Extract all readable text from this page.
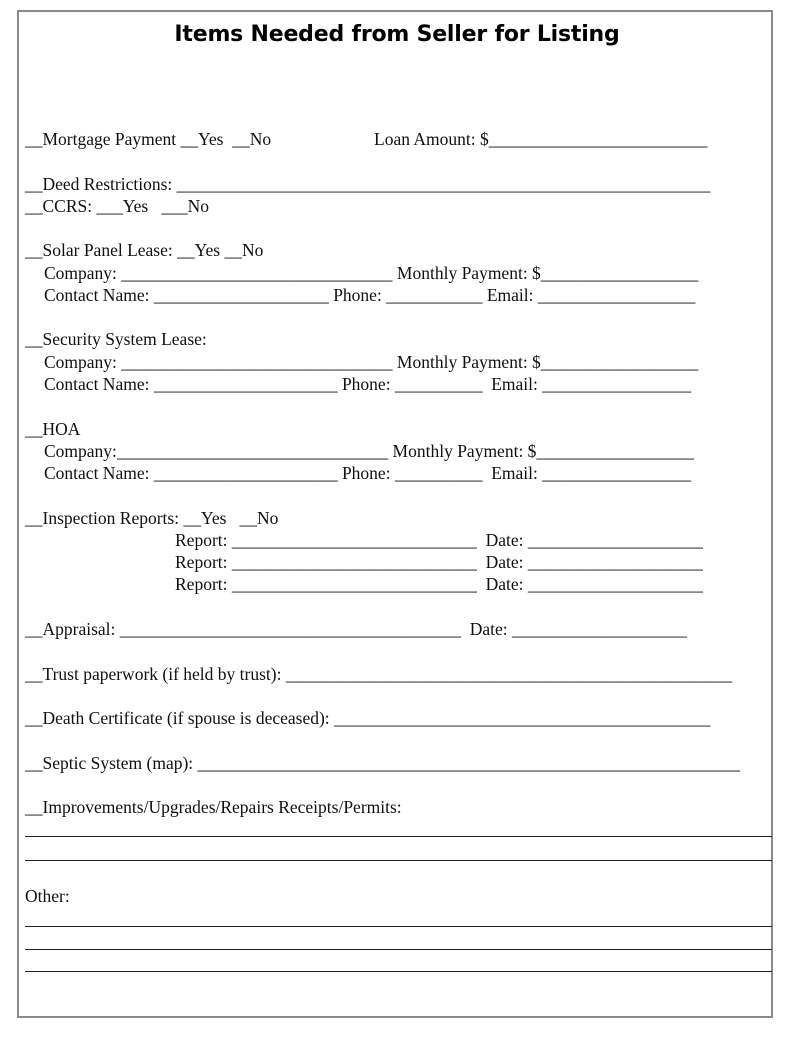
Items Needed from Seller for Listing
__Mortgage Payment __Yes  __No	Loan Amount: $_________________________
__Deed Restrictions: _____________________________________________________________
__CCRS: ___Yes   ___No
__Solar Panel Lease: __Yes __No
Company: _______________________________ Monthly Payment: $__________________
Contact Name: ____________________ Phone: ___________ Email: __________________
__Security System Lease:
Company: _______________________________ Monthly Payment: $__________________
Contact Name: _____________________ Phone: __________  Email: _________________
__HOA
Company:_______________________________ Monthly Payment: $__________________
Contact Name: _____________________ Phone: __________  Email: _________________
__Inspection Reports: __Yes   __No
Report: ____________________________  Date: ____________________
Report: ____________________________  Date: ____________________
Report: ____________________________  Date: ____________________
__Appraisal: _______________________________________  Date: ____________________
__Trust paperwork (if held by trust): ___________________________________________________
__Death Certificate (if spouse is deceased): ___________________________________________
__Septic System (map): ______________________________________________________________
__Improvements/Upgrades/Repairs Receipts/Permits:
Other:
